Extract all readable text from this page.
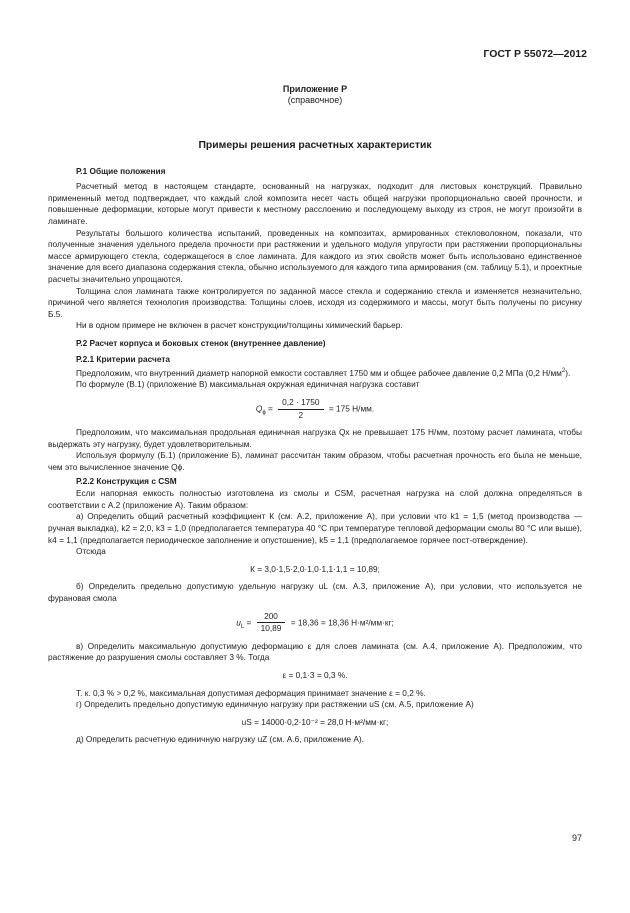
ГОСТ Р 55072—2012
Приложение Р
(справочное)
Примеры решения расчетных характеристик
Р.1 Общие положения

Расчетный метод в настоящем стандарте, основанный на нагрузках, подходит для листовых конструкций. Правильно примененный метод подтверждает, что каждый слой композита несет часть общей нагрузки пропорционально своей прочности, и повышенные деформации, которые могут привести к местному расслоению и последующему выходу из строя, не могут произойти в ламинате.

Результаты большого количества испытаний, проведенных на композитах, армированных стекловолокном, показали, что полученные значения удельного предела прочности при растяжении и удельного модуля упругости при растяжении пропорциональны массе армирующего стекла, содержащегося в слое ламината. Для каждого из этих свойств может быть использовано единственное значение для всего диапазона содержания стекла, обычно используемого для каждого типа армирования (см. таблицу 5.1), и проектные расчеты значительно упрощаются.

Толщина слоя ламината также контролируется по заданной массе стекла и содержанию стекла и изменяется незначительно, причиной чего является технология производства. Толщины слоев, исходя из содержимого и массы, могут быть получены по рисунку Б.5.

Ни в одном примере не включен в расчет конструкции/толщины химический барьер.

Р.2 Расчет корпуса и боковых стенок (внутреннее давление)
Р.2.1 Критерии расчета

Предположим, что внутренний диаметр напорной емкости составляет 1750 мм и общее рабочее давление 0,2 МПа (0,2 $Н/мм^2$).

По формуле (В.1) (приложение В) максимальная окружная единичная нагрузка составит

$Q_\phi = \frac{0,2 \cdot 1750}{2} = 175$ Н/мм.

Предположим, что максимальная продольная единичная нагрузка Qx не превышает 175 Н/мм, поэтому расчет ламината, чтобы выдержать эту нагрузку, будет удовлетворительным.

Используя формулу (Б.1) (приложение Б), ламинат рассчитан таким образом, чтобы расчетная прочность его была не меньше, чем это вычисленное значение Qϕ.

Р.2.2 Конструкция с CSM

Если напорная емкость полностью изготовлена из смолы и CSM, расчетная нагрузка на слой должна определяться в соответствии с А.2 (приложение А). Таким образом:

а) Определить общий расчетный коэффициент К (см. А.2, приложение А), при условии что k1 = 1,5 (метод производства — ручная выкладка), k2 = 2,0, k3 = 1,0 (предполагается температура 40 °С при температуре тепловой деформации смолы 80 °С или выше), k4 = 1,1 (предполагается периодическое заполнение и опустошение), k5 = 1,1 (предполагаемое горячее пост-отверждение).

Отсюда

К = 3,0·1,5·2,0·1,0·1,1·1,1 = 10,89;

б) Определить предельно допустимую удельную нагрузку uL (см. А.3, приложение А), при условии, что используется не фурановая смола

$u_L = \frac{200}{10,89} = 18,36 = 18,36$ Н·м²/мм·кг;

в) Определить максимальную допустимую деформацию ε для слоев ламината (см. А.4, приложение А). Предположим, что растяжение до разрушения смолы составляет 3 %. Тогда

ε = 0,1·3 = 0,3 %.

Т. к. 0,3 % > 0,2 %, максимальная допустимая деформация принимает значение ε = 0,2 %.

г) Определить предельно допустимую единичную нагрузку при растяжении uS (см. А.5, приложение А)

uS = 14000·0,2·10⁻² = 28,0 Н·м²/мм·кг;

д) Определить расчетную единичную нагрузку uZ (см. А.6, приложение А).

97
